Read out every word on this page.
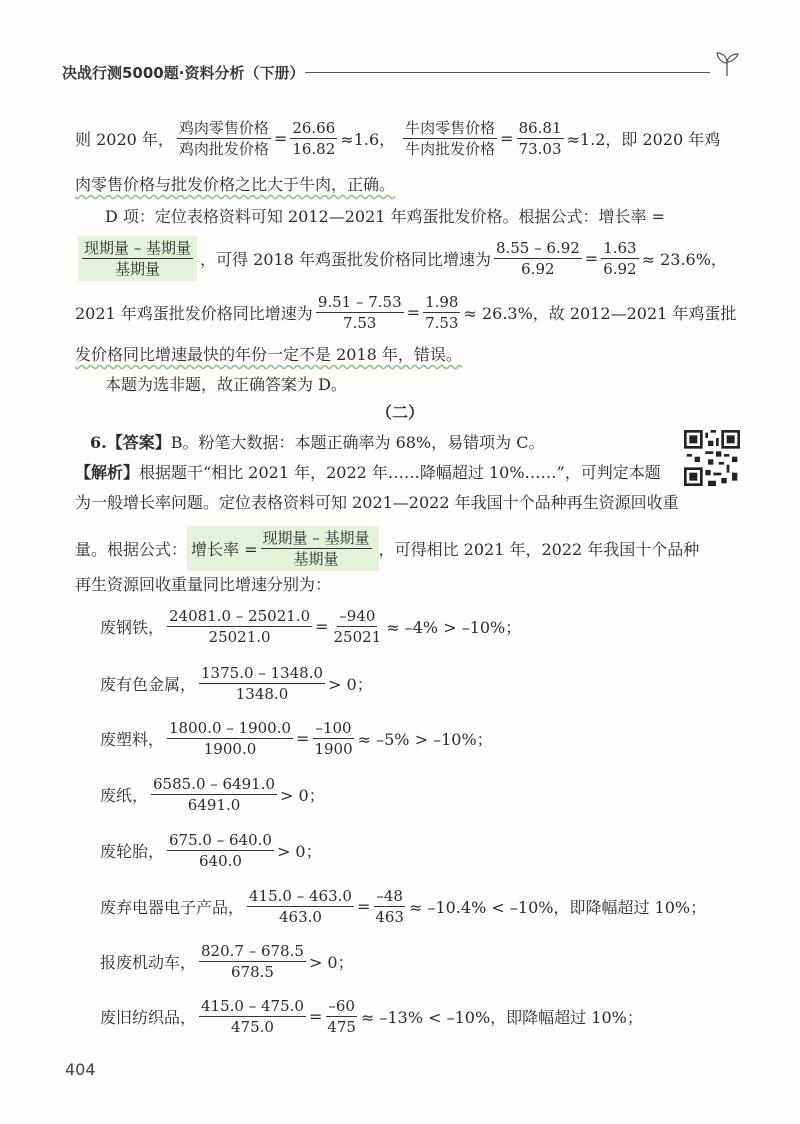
决战行测5000题·资料分析（下册）
则 2020 年， $\frac{\text{鸡肉零售价格}}{\text{鸡肉批发价格}} = \frac{26.66}{16.82} \approx 1.6$， $\frac{\text{牛肉零售价格}}{\text{牛肉批发价格}} = \frac{86.81}{73.03} \approx 1.2$，即 2020 年鸡
肉零售价格与批发价格之比大于牛肉，正确。
D 项：定位表格资料可知 2012—2021 年鸡蛋批发价格。根据公式：增长率 =
$\frac{\text{现期量 – 基期量}}{\text{基期量}}$ ，可得 2018 年鸡蛋批发价格同比增速为 $\frac{8.55 - 6.92}{6.92} = \frac{1.63}{6.92} \approx 23.6\%$，
2021 年鸡蛋批发价格同比增速为 $\frac{9.51 - 7.53}{7.53} = \frac{1.98}{7.53} \approx 26.3\%$，故 2012—2021 年鸡蛋批
发价格同比增速最快的年份一定不是 2018 年，错误。
本题为选非题，故正确答案为 D。
（二）
6.【答案】 B。粉笔大数据：本题正确率为 68%，易错项为 C。
【解析】 根据题干“相比 2021 年，2022 年……降幅超过 10%……”，可判定本题
为一般增长率问题。定位表格资料可知 2021—2022 年我国十个品种再生资源回收重
量。根据公式： 增长率 = $\frac{\text{现期量 – 基期量}}{\text{基期量}}$ ，可得相比 2021 年，2022 年我国十个品种
再生资源回收重量同比增速分别为：
废钢铁， $\frac{24081.0 - 25021.0}{25021.0} = \frac{-940}{25021} \approx -4\% > -10\%$；
废有色金属， $\frac{1375.0 - 1348.0}{1348.0} > 0$；
废塑料， $\frac{1800.0 - 1900.0}{1900.0} = \frac{-100}{1900} \approx -5\% > -10\%$；
废纸， $\frac{6585.0 - 6491.0}{6491.0} > 0$；
废轮胎， $\frac{675.0 - 640.0}{640.0} > 0$；
废弃电器电子产品， $\frac{415.0 - 463.0}{463.0} = \frac{-48}{463} \approx -10.4\% < -10\%$，即降幅超过 10%；
报废机动车， $\frac{820.7 - 678.5}{678.5} > 0$；
废旧纺织品， $\frac{415.0 - 475.0}{475.0} = \frac{-60}{475} \approx -13\% < -10\%$，即降幅超过 10%；
404
